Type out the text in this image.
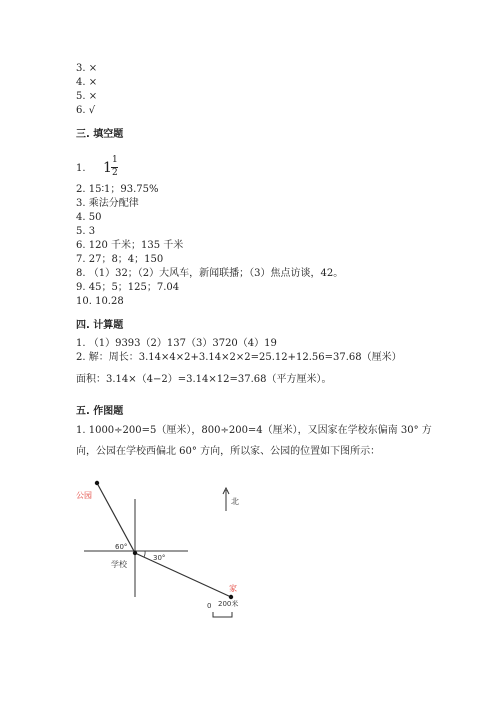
3. ×
4. ×
5. ×
6. √
三. 填空题
1. 1 1
2
2. 15∶1；93.75%
3. 乘法分配律
4. 50
5. 3
6. 120 千米；135 千米
7. 27；8；4；150
8. （1）32；（2）大风车，新闻联播；（3）焦点访谈，42。
9. 45；5；125；7.04
10. 10.28
四. 计算题
1. （1）9393（2）137（3）3720（4）19
2. 解：周长：3.14×4×2+3.14×2×2=25.12+12.56=37.68（厘米）
面积：3.14×（4−2）=3.14×12=37.68（平方厘米）。
五. 作图题
1. 1000÷200=5（厘米），800÷200=4（厘米），又因家在学校东偏南 30° 方
向，公园在学校西偏北 60° 方向，所以家、公园的位置如下图所示：
公园
60°
30°
学校
家
北
0 200米
